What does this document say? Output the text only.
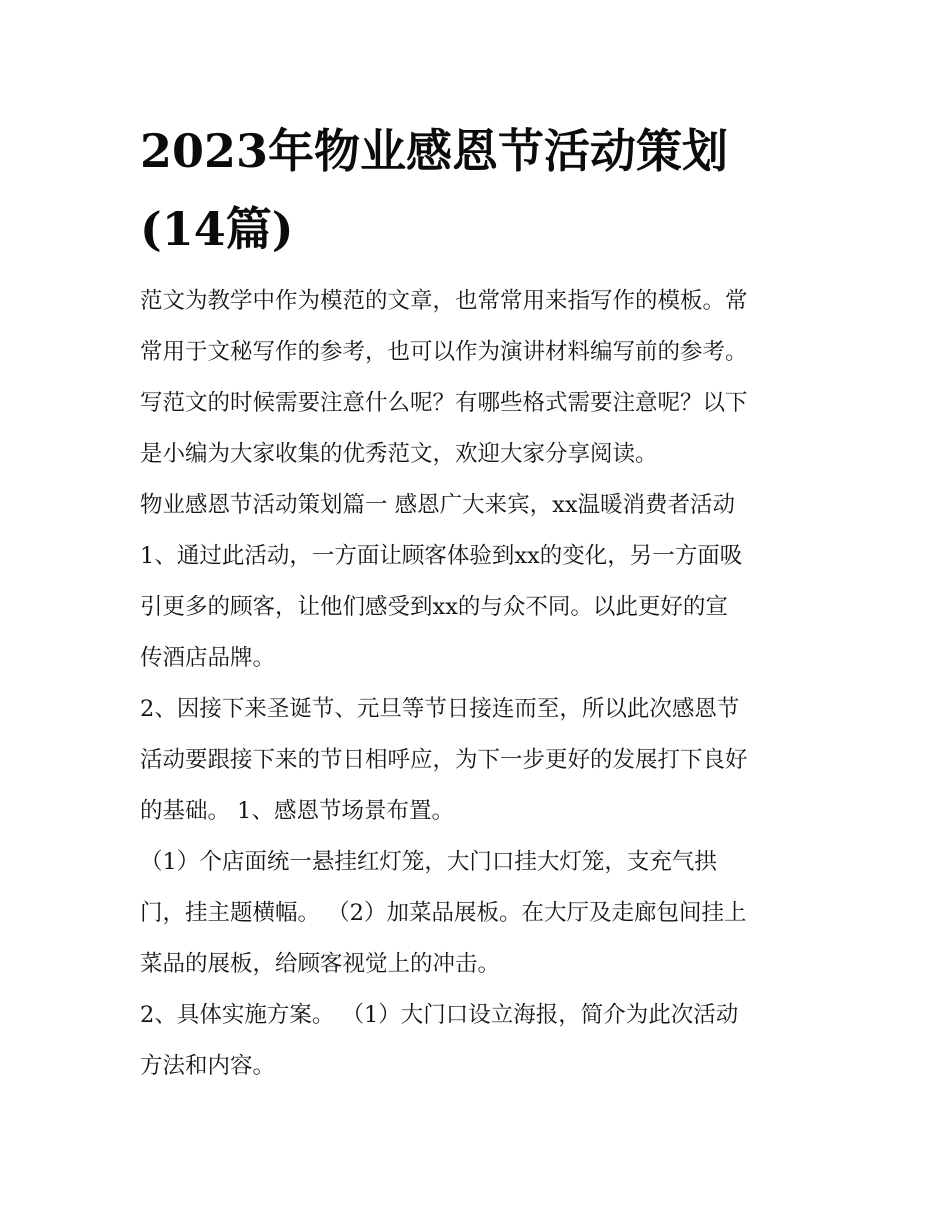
2023年物业感恩节活动策划
(14篇)
范文为教学中作为模范的文章，也常常用来指写作的模板。常
常用于文秘写作的参考，也可以作为演讲材料编写前的参考。
写范文的时候需要注意什么呢？有哪些格式需要注意呢？以下
是小编为大家收集的优秀范文，欢迎大家分享阅读。
物业感恩节活动策划篇一 感恩广大来宾，xx温暖消费者活动
1、通过此活动，一方面让顾客体验到xx的变化，另一方面吸
引更多的顾客，让他们感受到xx的与众不同。以此更好的宣
传酒店品牌。
2、因接下来圣诞节、元旦等节日接连而至，所以此次感恩节
活动要跟接下来的节日相呼应，为下一步更好的发展打下良好
的基础。 1、感恩节场景布置。
（1）个店面统一悬挂红灯笼，大门口挂大灯笼，支充气拱
门，挂主题横幅。 （2）加菜品展板。在大厅及走廊包间挂上
菜品的展板，给顾客视觉上的冲击。
2、具体实施方案。 （1）大门口设立海报，简介为此次活动
方法和内容。
